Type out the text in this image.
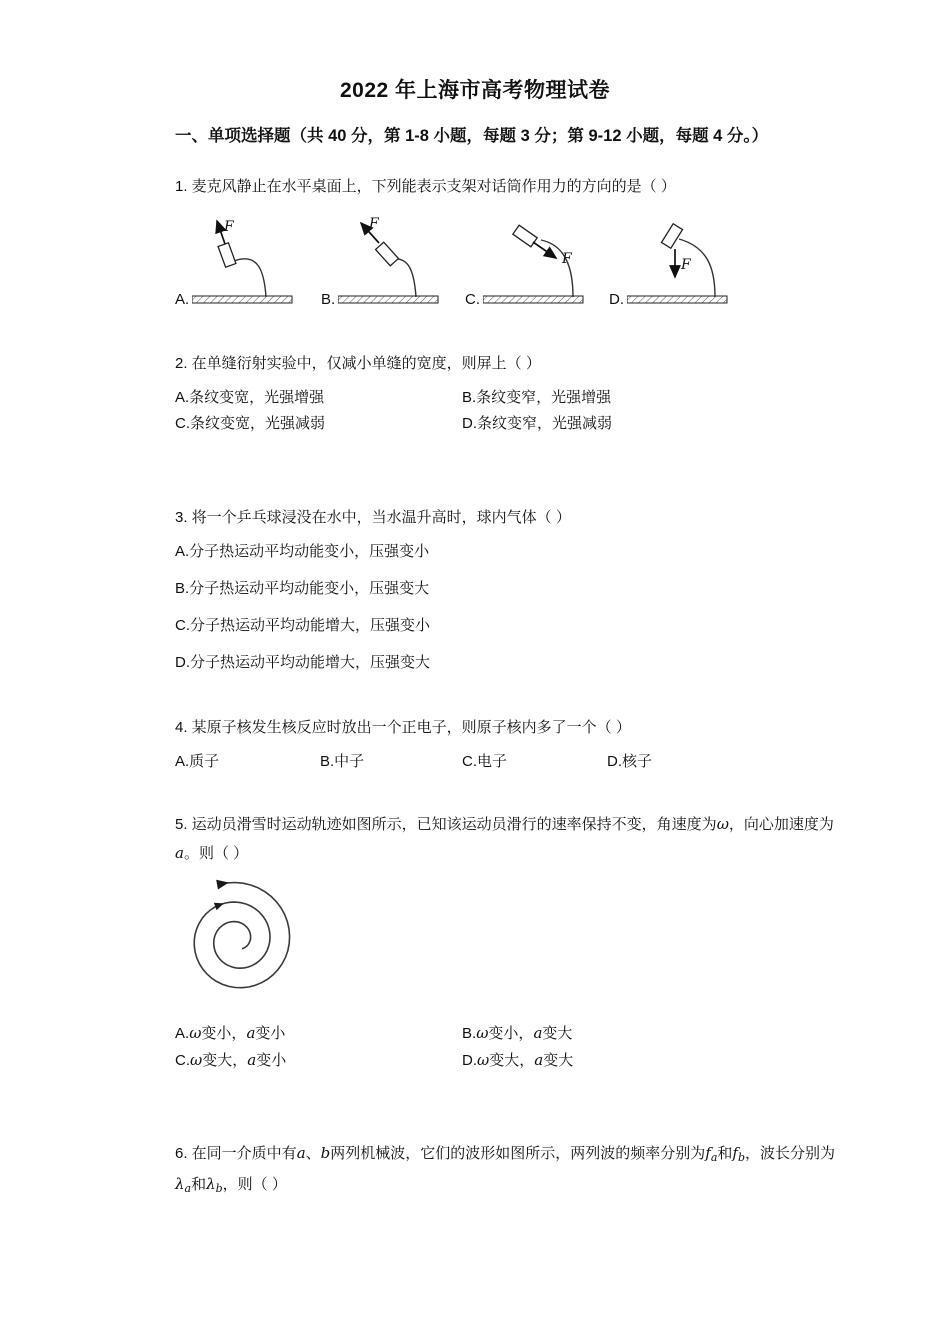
2022 年上海市高考物理试卷
一、单项选择题（共 40 分，第 1-8 小题，每题 3 分；第 9-12 小题，每题 4 分。）

1. 麦克风静止在水平桌面上，下列能表示支架对话筒作用力的方向的是（ ）

A.
F
B.
F
C.
F
D.
F

2. 在单缝衍射实验中，仅减小单缝的宽度，则屏上（ ）

A.条纹变宽，光强增强	B.条纹变窄，光强增强
C.条纹变宽，光强减弱	D.条纹变窄，光强减弱

3. 将一个乒乓球浸没在水中，当水温升高时，球内气体（ ）

A.分子热运动平均动能变小，压强变小
B.分子热运动平均动能变小，压强变大
C.分子热运动平均动能增大，压强变小
D.分子热运动平均动能增大，压强变大

4. 某原子核发生核反应时放出一个正电子，则原子核内多了一个（ ）

A.质子	B.中子	C.电子	D.核子

5. 运动员滑雪时运动轨迹如图所示，已知该运动员滑行的速率保持不变，角速度为ω，向心加速度为a。则（ ）

A.ω变小，a变小	B.ω变小，a变大
C.ω变大，a变小	D.ω变大，a变大

6. 在同一介质中有a、b两列机械波，它们的波形如图所示，两列波的频率分别为$f_a$和$f_b$，波长分别为$\lambda_a$和$\lambda_b$，则（ ）
